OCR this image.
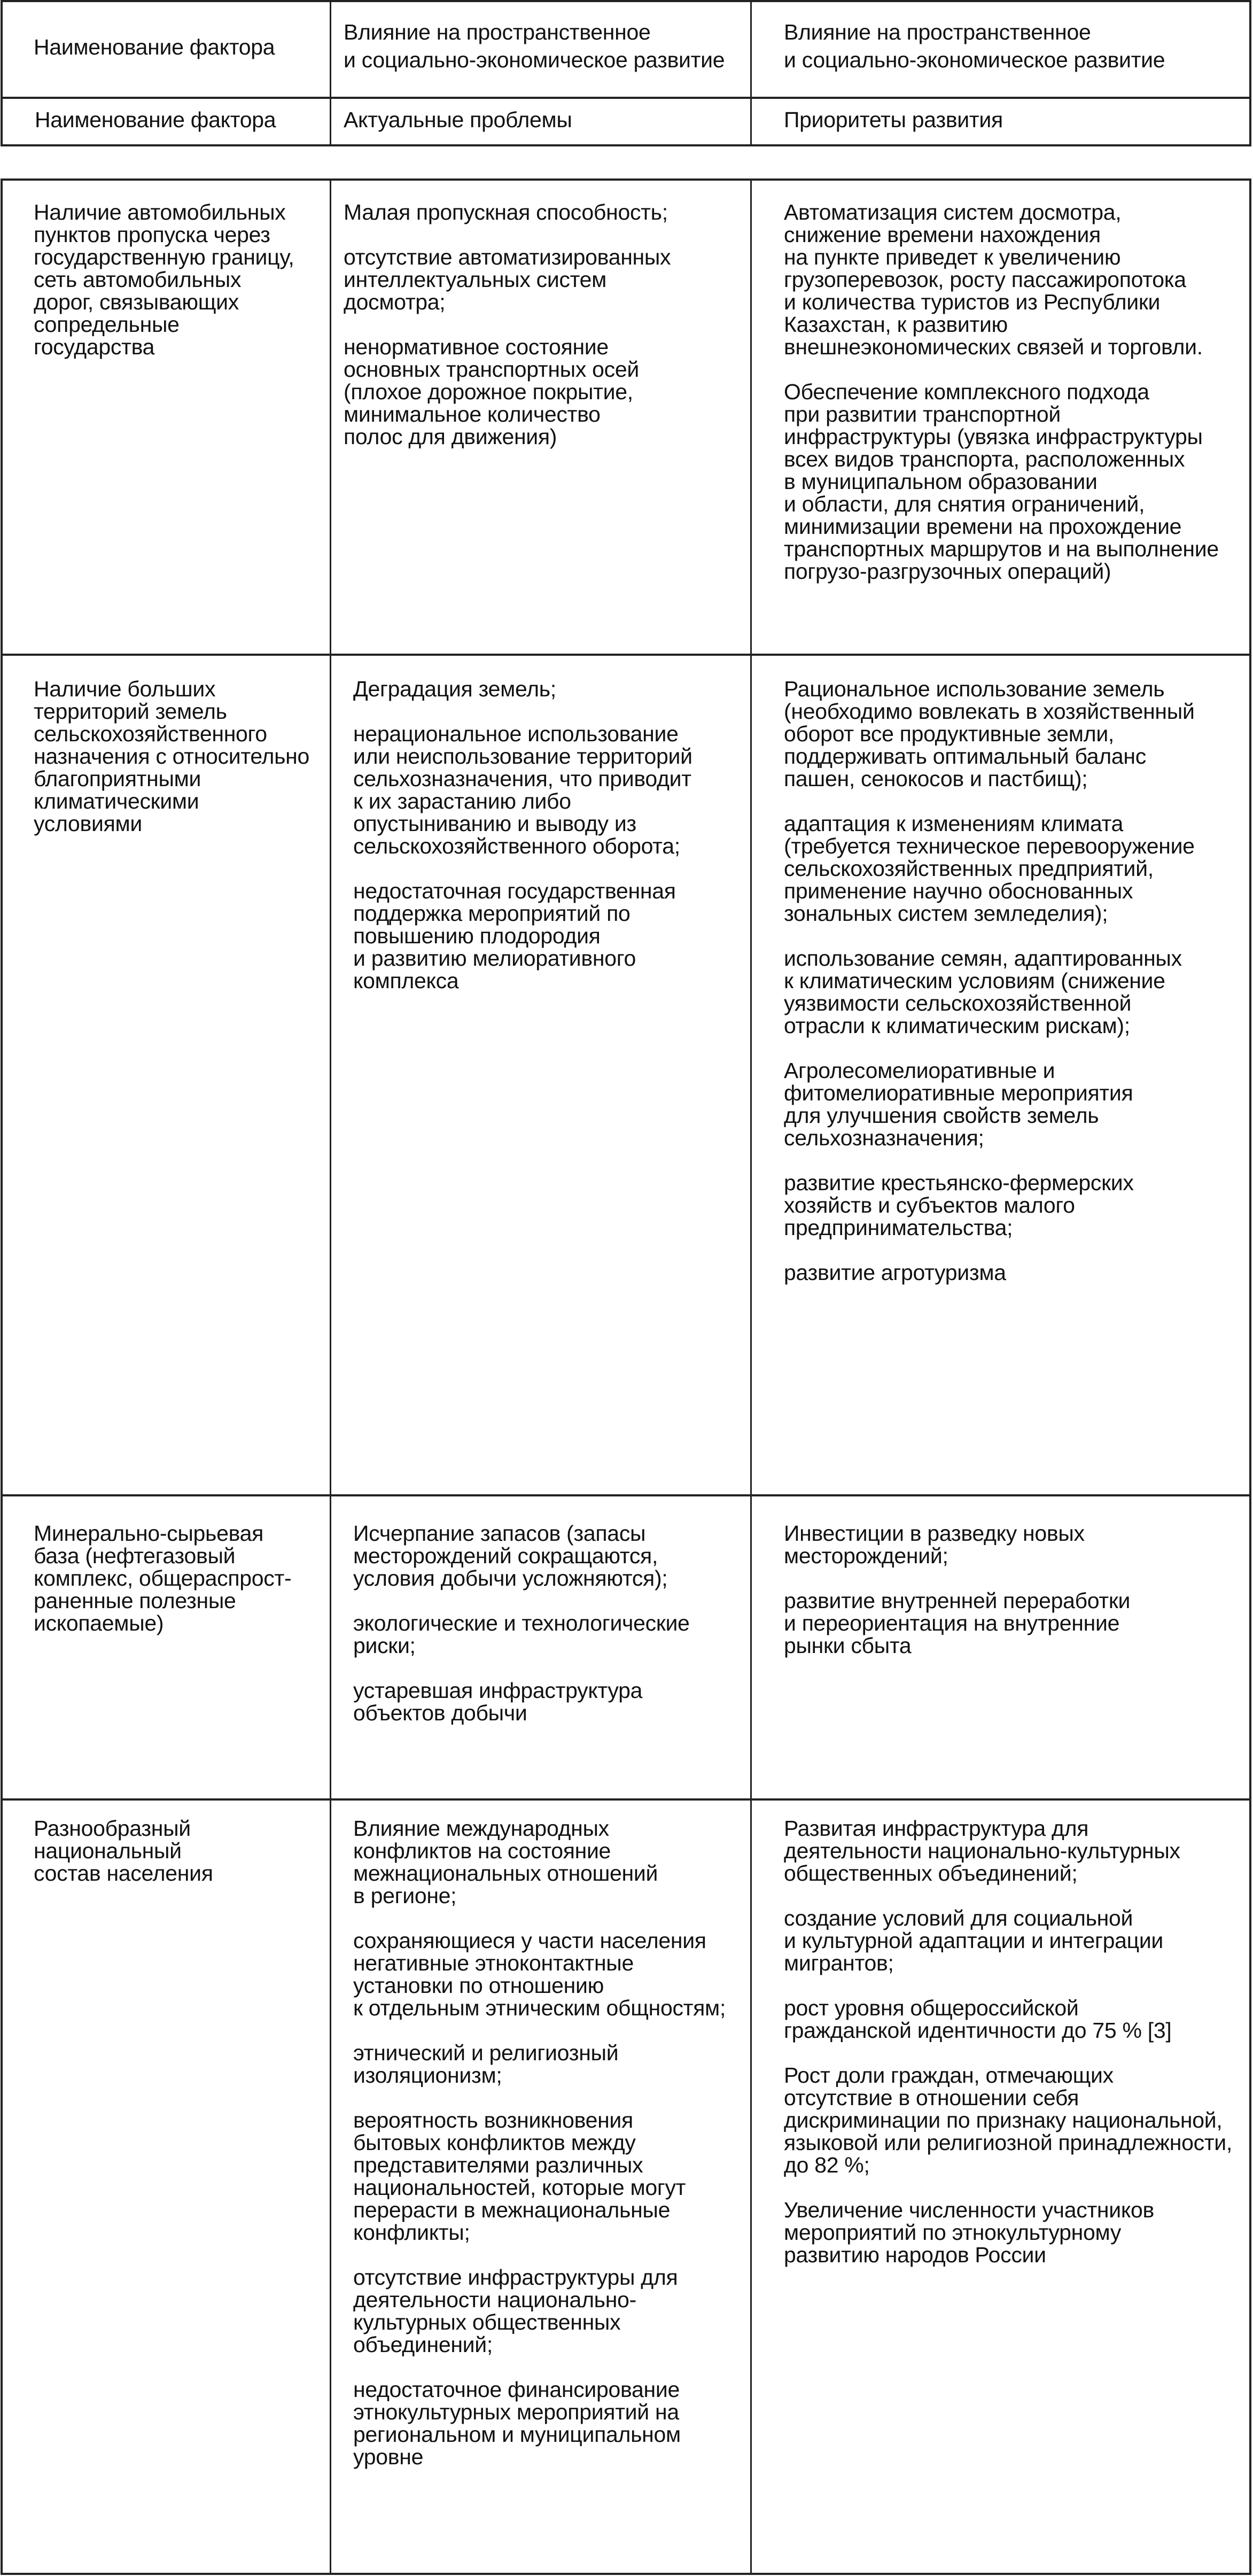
Наименование фактора
Влияние на пространственное
и социально-экономическое развитие
Влияние на пространственное
и социально-экономическое развитие
Наименование фактора	Актуальные проблемы	Приоритеты развития
Наличие автомобильных
пунктов пропуска через
государственную границу,
сеть автомобильных
дорог, связывающих
сопредельные
государства
Малая пропускная способность;

отсутствие автоматизированных
интеллектуальных систем
досмотра;

ненормативное состояние
основных транспортных осей
(плохое дорожное покрытие,
минимальное количество
полос для движения)
Автоматизация систем досмотра,
снижение времени нахождения
на пункте приведет к увеличению
грузоперевозок, росту пассажиропотока
и количества туристов из Республики
Казахстан, к развитию
внешнеэкономических связей и торговли.

Обеспечение комплексного подхода
при развитии транспортной
инфраструктуры (увязка инфраструктуры
всех видов транспорта, расположенных
в муниципальном образовании
и области, для снятия ограничений,
минимизации времени на прохождение
транспортных маршрутов и на выполнение
погрузо-разгрузочных операций)
Наличие больших
территорий земель
сельскохозяйственного
назначения с относительно
благоприятными
климатическими
условиями
Деградация земель;

нерациональное использование
или неиспользование территорий
сельхозназначения, что приводит
к их зарастанию либо
опустыниванию и выводу из
сельскохозяйственного оборота;

недостаточная государственная
поддержка мероприятий по
повышению плодородия
и развитию мелиоративного
комплекса
Рациональное использование земель
(необходимо вовлекать в хозяйственный
оборот все продуктивные земли,
поддерживать оптимальный баланс
пашен, сенокосов и пастбищ);

адаптация к изменениям климата
(требуется техническое перевооружение
сельскохозяйственных предприятий,
применение научно обоснованных
зональных систем земледелия);

использование семян, адаптированных
к климатическим условиям (снижение
уязвимости сельскохозяйственной
отрасли к климатическим рискам);

Агролесомелиоративные и
фитомелиоративные мероприятия
для улучшения свойств земель
сельхозназначения;

развитие крестьянско-фермерских
хозяйств и субъектов малого
предпринимательства;

развитие агротуризма
Минерально-сырьевая
база (нефтегазовый
комплекс, общераспрост-
раненные полезные
ископаемые)
Исчерпание запасов (запасы
месторождений сокращаются,
условия добычи усложняются);

экологические и технологические
риски;

устаревшая инфраструктура
объектов добычи
Инвестиции в разведку новых
месторождений;

развитие внутренней переработки
и переориентация на внутренние
рынки сбыта
Разнообразный
национальный
состав населения
Влияние международных
конфликтов на состояние
межнациональных отношений
в регионе;

сохраняющиеся у части населения
негативные этноконтактные
установки по отношению
к отдельным этническим общностям;

этнический и религиозный
изоляционизм;

вероятность возникновения
бытовых конфликтов между
представителями различных
национальностей, которые могут
перерасти в межнациональные
конфликты;

отсутствие инфраструктуры для
деятельности национально-
культурных общественных
объединений;

недостаточное финансирование
этнокультурных мероприятий на
региональном и муниципальном
уровне
Развитая инфраструктура для
деятельности национально-культурных
общественных объединений;

создание условий для социальной
и культурной адаптации и интеграции
мигрантов;

рост уровня общероссийской
гражданской идентичности до 75 % [3]

Рост доли граждан, отмечающих
отсутствие в отношении себя
дискриминации по признаку национальной,
языковой или религиозной принадлежности,
до 82 %;

Увеличение численности участников
мероприятий по этнокультурному
развитию народов России
